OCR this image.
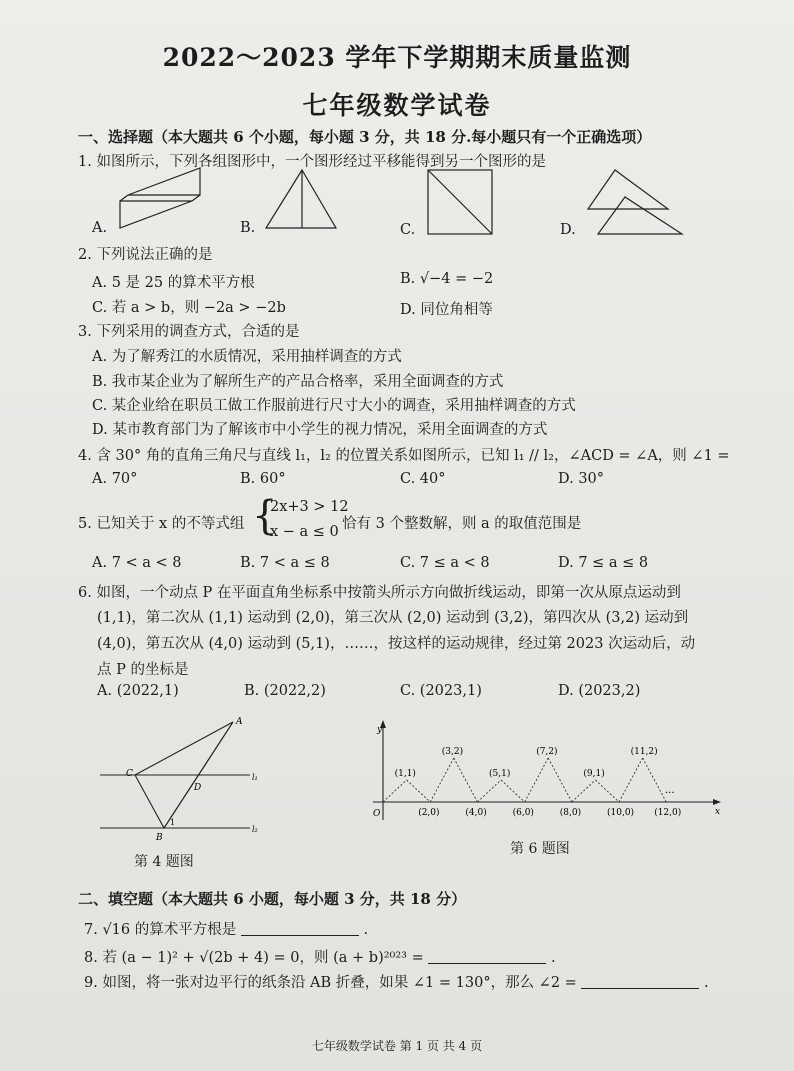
2022～2023 学年下学期期末质量监测
七年级数学试卷
一、选择题（本大题共 6 个小题，每小题 3 分，共 18 分.每小题只有一个正确选项）
1. 如图所示，下列各组图形中，一个图形经过平移能得到另一个图形的是
A.	B.	C.	D.
2. 下列说法正确的是
A. 5 是 25 的算术平方根	B. √−4 = −2
C. 若 a > b，则 −2a > −2b	D. 同位角相等
3. 下列采用的调查方式，合适的是
A. 为了解秀江的水质情况，采用抽样调查的方式
B. 我市某企业为了解所生产的产品合格率，采用全面调查的方式
C. 某企业给在职员工做工作服前进行尺寸大小的调查，采用抽样调查的方式
D. 某市教育部门为了解该市中小学生的视力情况，采用全面调查的方式
4. 含 30° 角的直角三角尺与直线 l₁，l₂ 的位置关系如图所示，已知 l₁ // l₂，∠ACD = ∠A，则 ∠1 =
A. 70°	B. 60°	C. 40°	D. 30°
5. 已知关于 x 的不等式组 {
2x+3 > 12
x − a ≤ 0 恰有 3 个整数解，则 a 的取值范围是
A. 7 < a < 8	B. 7 < a ≤ 8	C. 7 ≤ a < 8	D. 7 ≤ a ≤ 8
6. 如图，一个动点 P 在平面直角坐标系中按箭头所示方向做折线运动，即第一次从原点运动到
(1,1)，第二次从 (1,1) 运动到 (2,0)，第三次从 (2,0) 运动到 (3,2)，第四次从 (3,2) 运动到
(4,0)，第五次从 (4,0) 运动到 (5,1)，……，按这样的运动规律，经过第 2023 次运动后，动
点 P 的坐标是
A. (2022,1)	B. (2022,2)	C. (2023,1)	D. (2023,2)
A
C
D
B
1
l₁
l₂
第 4 题图
(1,1)
(3,2)
(5,1)
(7,2)
(9,1)
(11,2)
(2,0)	(4,0)	(6,0)	(8,0)	(10,0) (12,0)
y
x
O
···
第 6 题图
二、填空题（本大题共 6 小题，每小题 3 分，共 18 分）
7. √16 的算术平方根是	.
8. 若 (a − 1)² + √(2b + 4) = 0，则 (a + b)²⁰²³ =	.
9. 如图，将一张对边平行的纸条沿 AB 折叠，如果 ∠1 = 130°，那么 ∠2 =	.
七年级数学试卷 第 1 页 共 4 页
